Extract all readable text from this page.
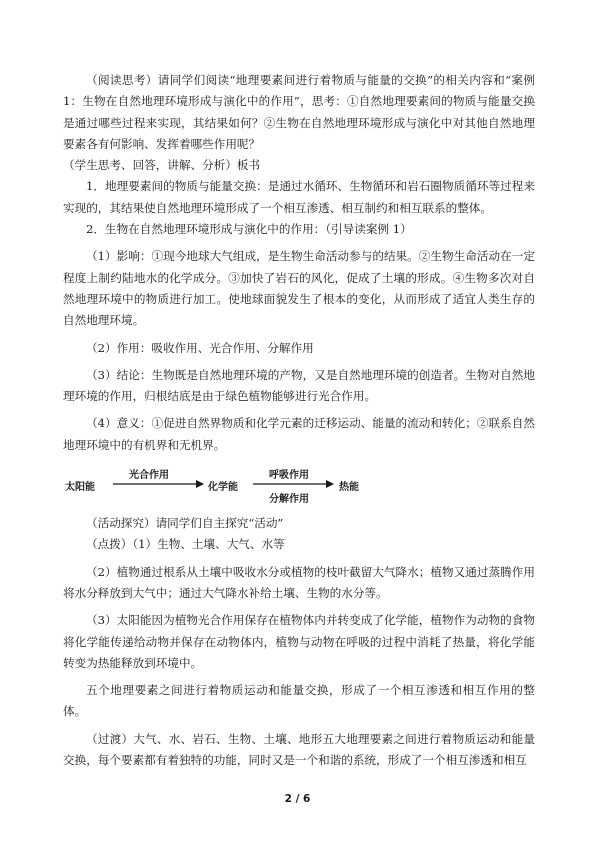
（阅读思考）请同学们阅读“地理要素间进行着物质与能量的交换”的相关内容和“案例 1：生物在自然地理环境形成与演化中的作用”，思考：①自然地理要素间的物质与能量交换是通过哪些过程来实现，其结果如何？②生物在自然地理环境形成与演化中对其他自然地理要素各有何影响、发挥着哪些作用呢？

（学生思考、回答，讲解、分析）板书

1．地理要素间的物质与能量交换：是通过水循环、生物循环和岩石圈物质循环等过程来实现的，其结果使自然地理环境形成了一个相互渗透、相互制约和相互联系的整体。

2．生物在自然地理环境形成与演化中的作用：（引导读案例 1）

（1）影响：①现今地球大气组成，是生物生命活动参与的结果。②生物生命活动在一定程度上制约陆地水的化学成分。③加快了岩石的风化，促成了土壤的形成。④生物多次对自然地理环境中的物质进行加工。使地球面貌发生了根本的变化，从而形成了适宜人类生存的自然地理环境。

（2）作用：吸收作用、光合作用、分解作用

（3）结论：生物既是自然地理环境的产物，又是自然地理环境的创造者。生物对自然地理环境的作用，归根结底是由于绿色植物能够进行光合作用。

（4）意义：①促进自然界物质和化学元素的迁移运动、能量的流动和转化；②联系自然地理环境中的有机界和无机界。

太阳能
光合作用
化学能
呼吸作用
分解作用
热能

（活动探究）请同学们自主探究“活动”

（点拨）（1）生物、土壤、大气、水等

（2）植物通过根系从土壤中吸收水分或植物的枝叶截留大气降水；植物又通过蒸腾作用将水分释放到大气中；通过大气降水补给土壤、生物的水分等。

（3）太阳能因为植物光合作用保存在植物体内并转变成了化学能，植物作为动物的食物将化学能传递给动物并保存在动物体内，植物与动物在呼吸的过程中消耗了热量，将化学能转变为热能释放到环境中。

五个地理要素之间进行着物质运动和能量交换，形成了一个相互渗透和相互作用的整体。

（过渡）大气、水、岩石、生物、土壤、地形五大地理要素之间进行着物质运动和能量交换，每个要素都有着独特的功能，同时又是一个和谐的系统，形成了一个相互渗透和相互

2 / 6
